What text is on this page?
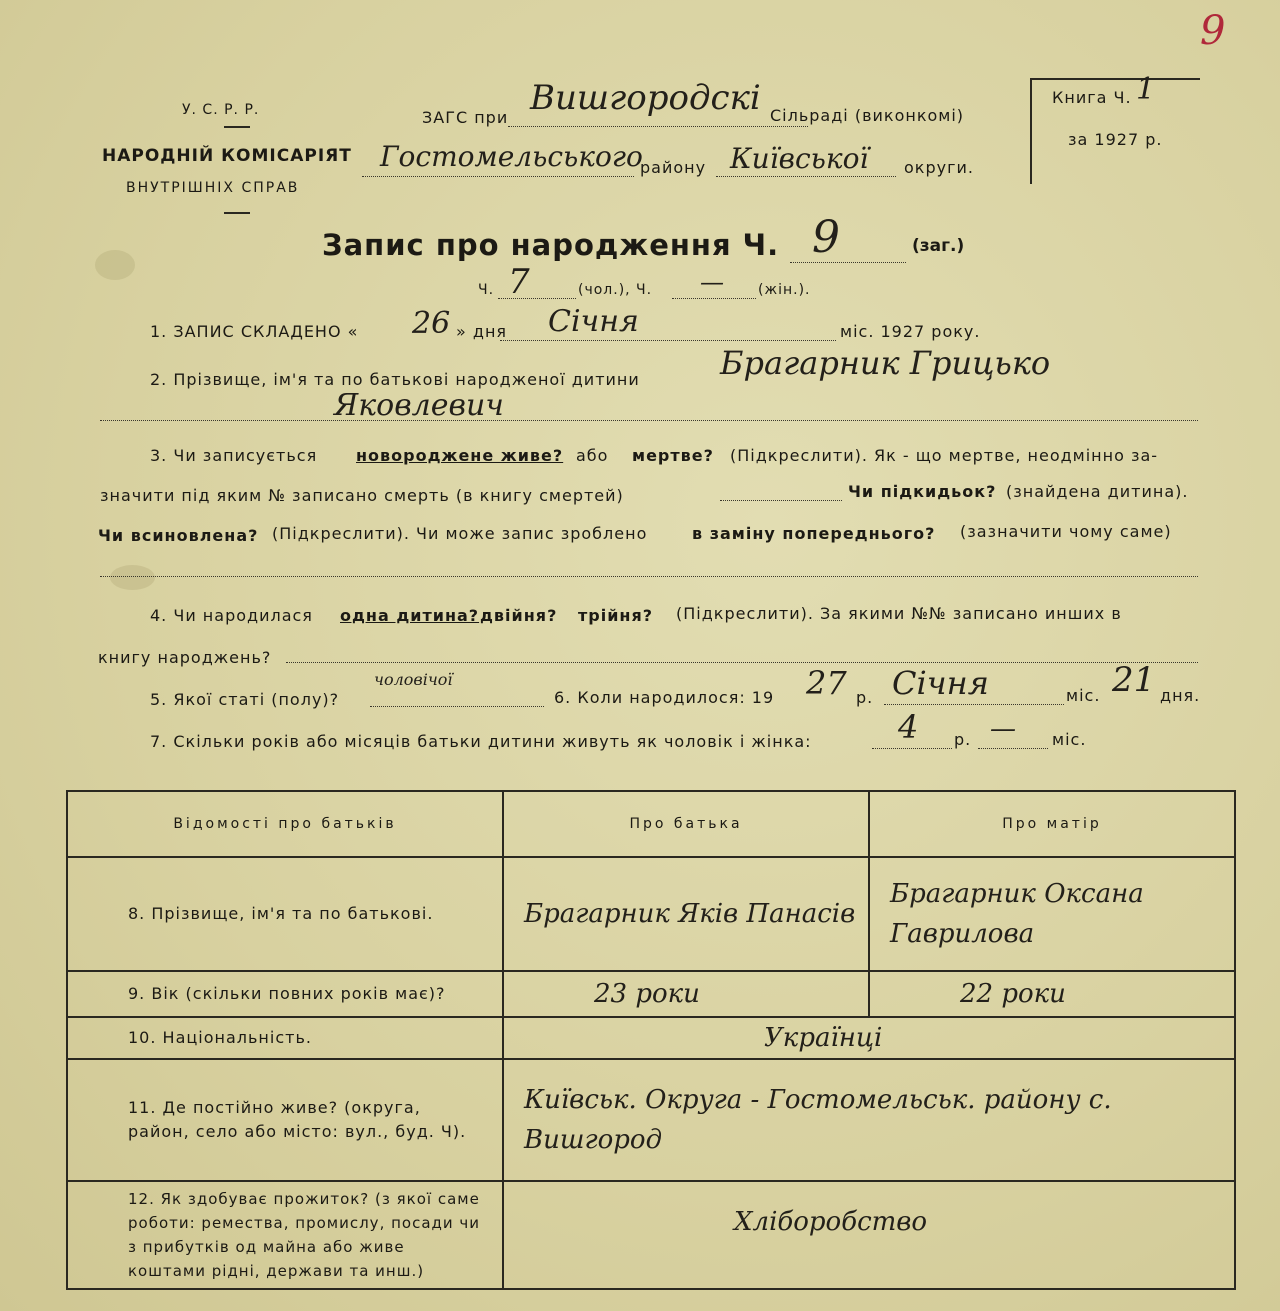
У. С. Р. Р.
НАРОДНІЙ КОМІСАРІЯТ
ВНУТРІШНІХ СПРАВ
ЗАГС при Вишгородскі Сільраді (виконкомі)
Гостомельського
району Київської округи.
Книга Ч. 1
за 1927 р.
9
Запис про народження Ч. 9	(заг.)
Ч. 7	(чол.), Ч. — (жін.).
1. ЗАПИС СКЛАДЕНО « 26 » дня Січня	міс. 1927 року.
2. Прізвище, ім'я та по батькові народженої дитини	Брагарник Грицько
Яковлевич
3. Чи записується новороджене живе? або мертве? (Підкреслити). Як - що мертве, неодмінно за-
значити під яким № записано смерть (в книгу смертей)	Чи підкидьок? (знайдена дитина).
Чи всиновлена? (Підкреслити). Чи може запис зроблено	в заміну попереднього? (зазначити чому саме)
4. Чи народилася одна дитина? двійня? трійня? (Підкреслити). За якими №№ записано инших в
книгу народжень?
5. Якої статі (полу)?
чоловічої
6. Коли народилося: 19 27 р. Січня	міс. 21 дня.
7. Скільки років або місяців батьки дитини живуть як чоловік і жінка:	4 р. — міс.
Відомості про батьків	Про батька	Про матір
8. Прізвище, ім'я та по батькові.	Брагарник Яків Панасів	Брагарник Оксана Гаврилова
9. Вік (скільки повних років має)?	23 роки	22 роки
10. Національність.	Українці	
11. Де постійно живе? (округа, район, село або місто: вул., буд. Ч).	Київськ. Округа - Гостомельськ. району с. Вишгород	
12. Як здобуває прожиток? (з якої саме роботи: ремества, промислу, посади чи з прибутків од майна або живе коштами рідні, держави та инш.)	Хліборобство	
